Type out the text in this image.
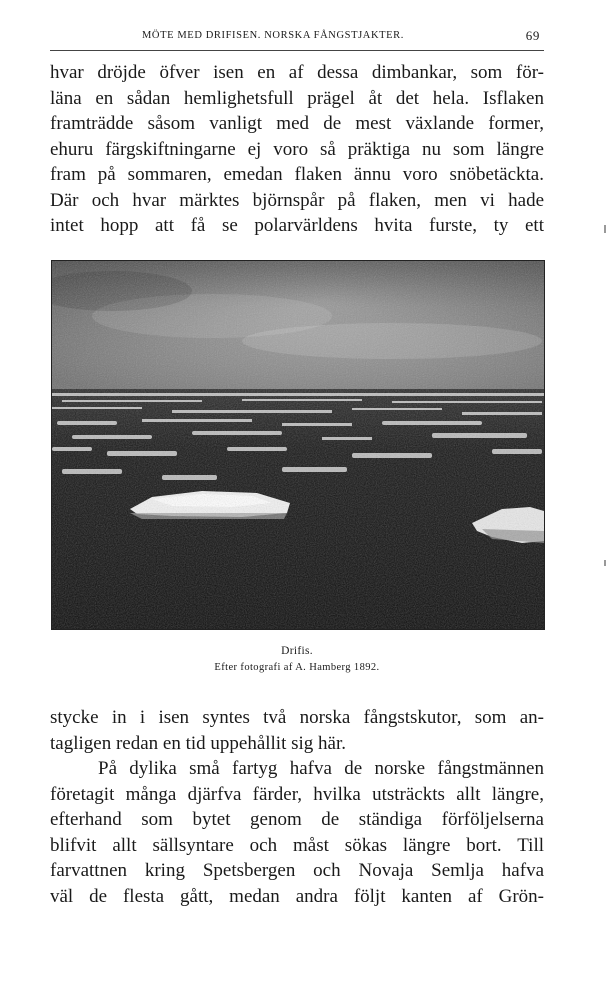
MÖTE MED DRIFISEN. NORSKA FÅNGSTJAKTER.	69
hvar dröjde öfver isen en af dessa dimbankar, som för-
läna en sådan hemlighetsfull prägel åt det hela. Isflaken
framträdde såsom vanligt med de mest växlande former,
ehuru färgskiftningarne ej voro så präktiga nu som längre
fram på sommaren, emedan flaken ännu voro snöbetäckta.
Där och hvar märktes björnspår på flaken, men vi hade
intet hopp att få se polarvärldens hvita furste, ty ett
Drifis.
Efter fotografi af A. Hamberg 1892.
stycke in i isen syntes två norska fångstskutor, som an-
tagligen redan en tid uppehållit sig här.
På dylika små fartyg hafva de norske fångstmännen
företagit många djärfva färder, hvilka utsträckts allt längre,
efterhand som bytet genom de ständiga förföljelserna
blifvit allt sällsyntare och måst sökas längre bort. Till
farvattnen kring Spetsbergen och Novaja Semlja hafva
väl de flesta gått, medan andra följt kanten af Grön-
